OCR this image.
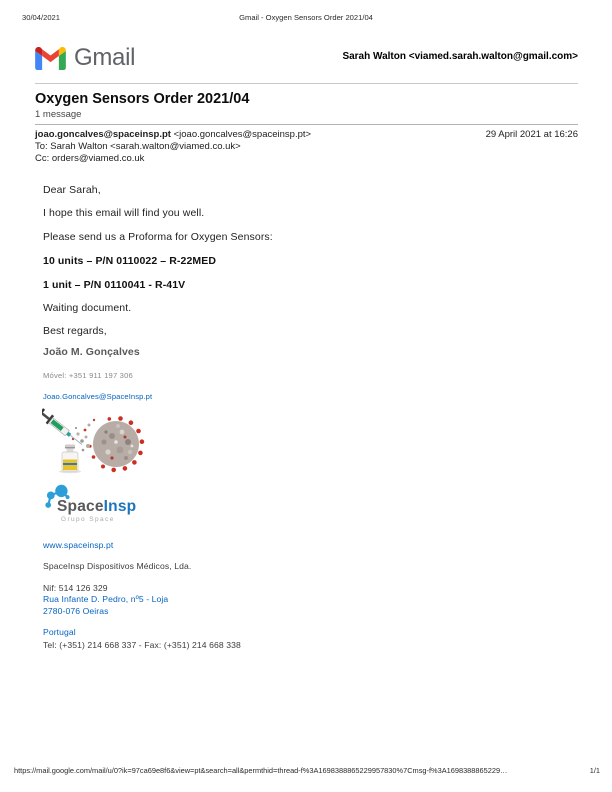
30/04/2021	Gmail - Oxygen Sensors Order 2021/04
Gmail	Sarah Walton <viamed.sarah.walton@gmail.com>
Oxygen Sensors Order 2021/04
1 message
joao.goncalves@spaceinsp.pt <joao.goncalves@spaceinsp.pt>	29 April 2021 at 16:26
To: Sarah Walton <sarah.walton@viamed.co.uk>
Cc: orders@viamed.co.uk
Dear Sarah,
I hope this email will find you well.
Please send us a Proforma for Oxygen Sensors:
10 units – P/N 0110022 – R-22MED
1 unit – P/N 0110041 - R-41V
Waiting document.
Best regards,
João M. Gonçalves
Móvel: +351 911 197 306
Joao.Goncalves@SpaceInsp.pt
SpaceInsp
Grupo Space
www.spaceinsp.pt
SpaceInsp Dispositivos Médicos, Lda.
Nif: 514 126 329
Rua Infante D. Pedro, nº5 - Loja
2780-076 Oeiras
Portugal
Tel: (+351) 214 668 337 - Fax: (+351) 214 668 338
https://mail.google.com/mail/u/0?ik=97ca69e8f6&view=pt&search=all&permthid=thread-f%3A1698388865229957830%7Cmsg-f%3A1698388865229…	1/1
